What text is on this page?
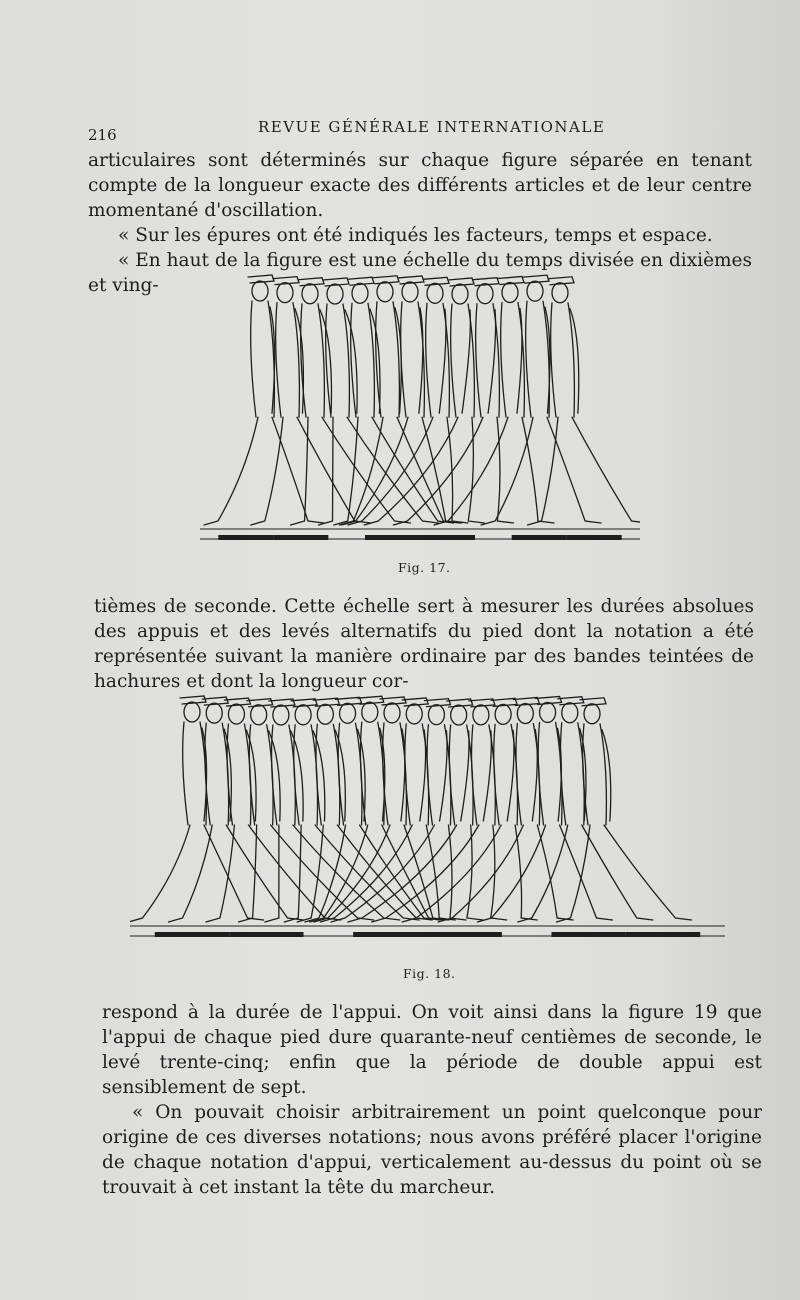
216	REVUE GÉNÉRALE INTERNATIONALE

articulaires sont déterminés sur chaque figure séparée en tenant compte de la longueur exacte des différents articles et de leur centre momentané d'oscillation.

« Sur les épures ont été indiqués les facteurs, temps et espace.

« En haut de la figure est une échelle du temps divisée en dixièmes et ving-

Fig. 17.

tièmes de seconde. Cette échelle sert à mesurer les durées absolues des appuis et des levés alternatifs du pied dont la notation a été représentée suivant la manière ordinaire par des bandes teintées de hachures et dont la longueur cor-

Fig. 18.

respond à la durée de l'appui. On voit ainsi dans la figure 19 que l'appui de chaque pied dure quarante-neuf centièmes de seconde, le levé trente-cinq; enfin que la période de double appui est sensiblement de sept.

« On pouvait choisir arbitrairement un point quelconque pour origine de ces diverses notations; nous avons préféré placer l'origine de chaque notation d'appui, verticalement au-dessus du point où se trouvait à cet instant la tête du marcheur.
